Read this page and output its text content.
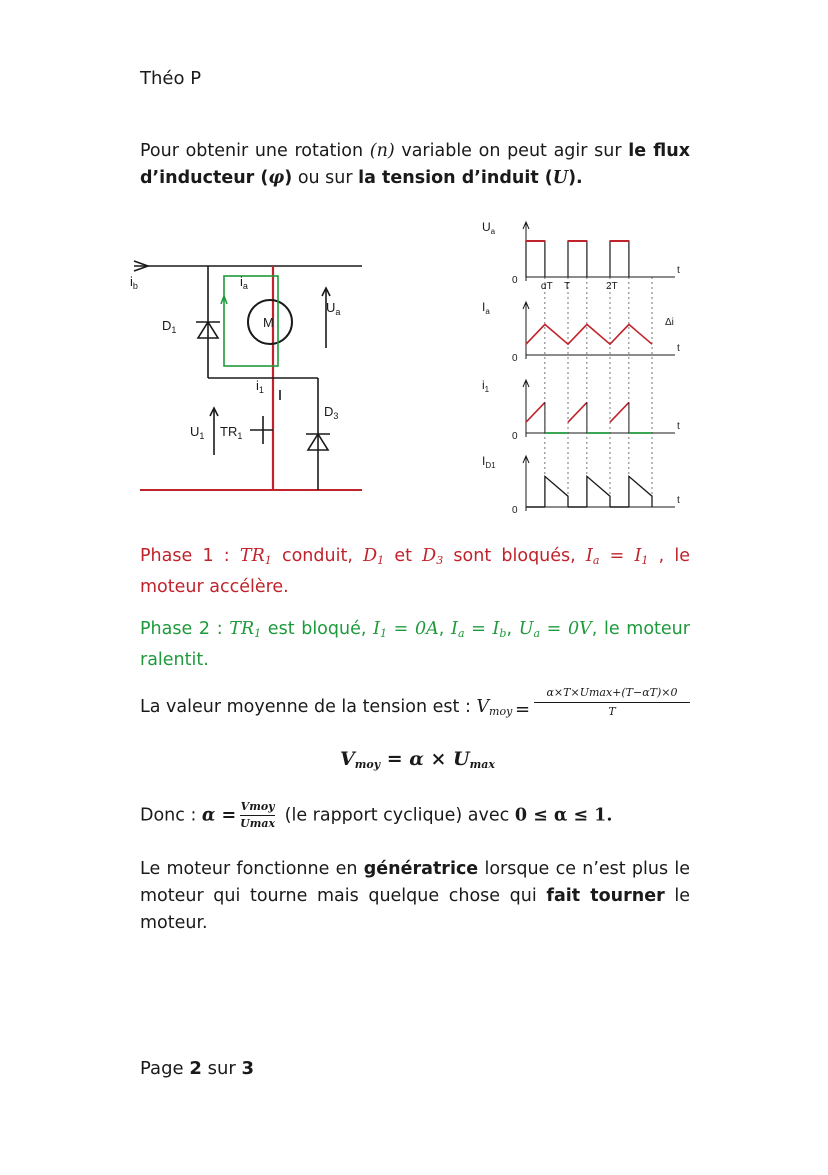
Théo P
Pour obtenir une rotation (n) variable on peut agir sur le flux d’inducteur (φ) ou sur la tension d’induit (U).
$i_b$	$i_a$
$D_1$	M
$U_a$
$i_1$
$D_3$
$U_1$ $TR_1$
$U_a$
0
t
$I_a$
0
t
$i_1$
0
t
$I_{D1}$
0
t
αT T	2T
Δi
Phase 1 : $TR_1$ conduit, $D_1$ et $D_3$ sont bloqués, $I_a = I_1$ , le moteur accélère.
Phase 2 : $TR_1$ est bloqué, $I_1 = 0A$, $I_a = I_b$, $U_a = 0V$, le moteur ralentit.
La valeur moyenne de la tension est : $V_{moy}$ =
α×T×Umax+(T−αT)×0
T
$V_{moy} = \alpha \times U_{max}$
Donc : α = Vmoy
Umax (le rapport cyclique) avec 0 ≤ α ≤ 1.
Le moteur fonctionne en génératrice lorsque ce n’est plus le moteur qui tourne mais quelque chose qui fait tourner le moteur.
Page 2 sur 3
